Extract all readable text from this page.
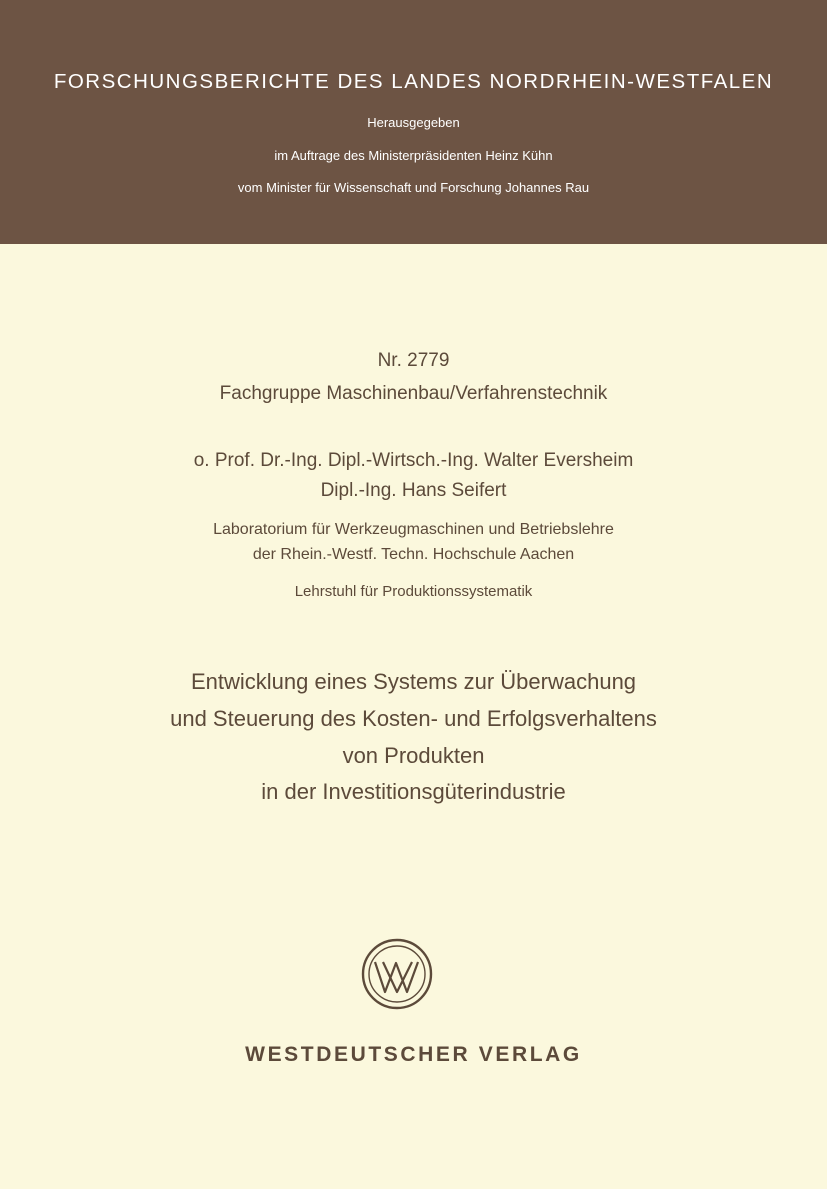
FORSCHUNGSBERICHTE DES LANDES NORDRHEIN-WESTFALEN
Herausgegeben
im Auftrage des Ministerpräsidenten Heinz Kühn
vom Minister für Wissenschaft und Forschung Johannes Rau
Nr. 2779
Fachgruppe Maschinenbau/Verfahrenstechnik
o. Prof. Dr.-Ing. Dipl.-Wirtsch.-Ing. Walter Eversheim
Dipl.-Ing. Hans Seifert
Laboratorium für Werkzeugmaschinen und Betriebslehre
der Rhein.-Westf. Techn. Hochschule Aachen
Lehrstuhl für Produktionssystematik
Entwicklung eines Systems zur Überwachung
und Steuerung des Kosten- und Erfolgsverhaltens
von Produkten
in der Investitionsgüterindustrie
WESTDEUTSCHER VERLAG
